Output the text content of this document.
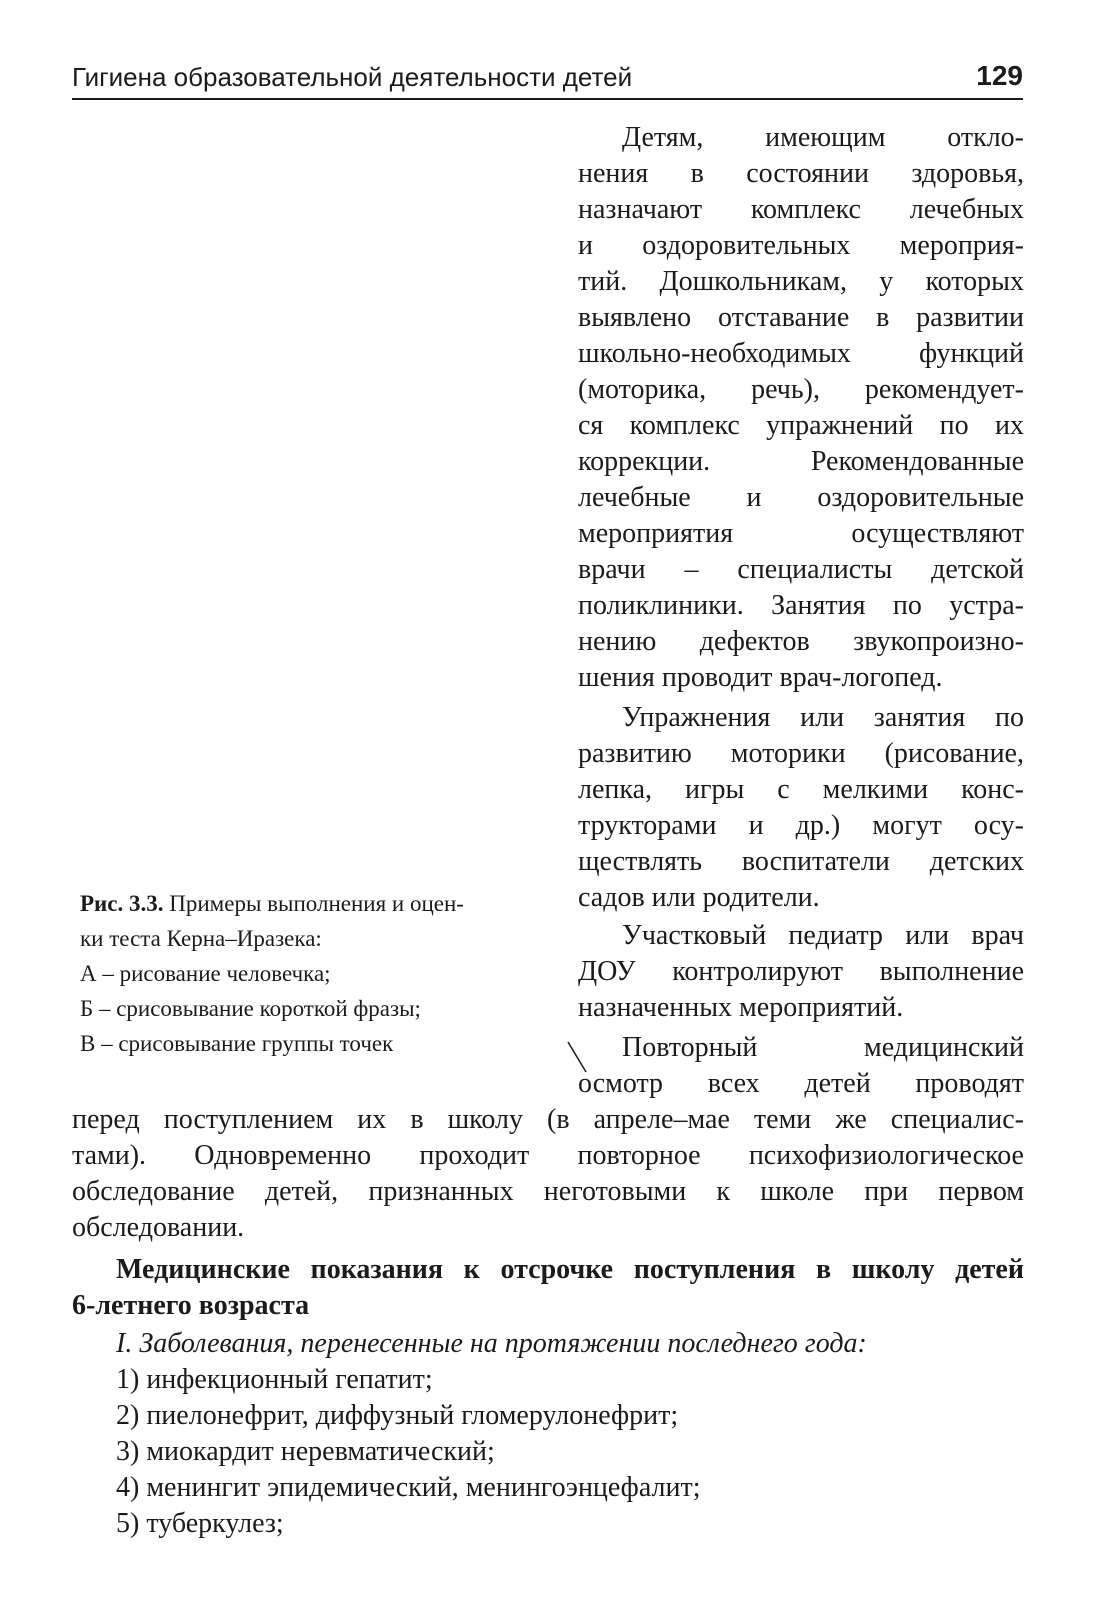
Гигиена образовательной деятельности детей	129
Детям, имеющим откло-
нения в состоянии здоровья,
назначают комплекс лечебных
и оздоровительных мероприя-
тий. Дошкольникам, у которых
выявлено отставание в развитии
школьно-необходимых функций
(моторика, речь), рекомендует-
ся комплекс упражнений по их
коррекции. Рекомендованные
лечебные и оздоровительные
мероприятия осуществляют
врачи – специалисты детской
поликлиники. Занятия по устра-
нению дефектов звукопроизно-
шения проводит врач-логопед.
Упражнения или занятия по
развитию моторики (рисование,
лепка, игры с мелкими конс-
трукторами и др.) могут осу-
ществлять воспитатели детских
садов или родители.
Участковый педиатр или врач
ДОУ контролируют выполнение
назначенных мероприятий.
Повторный медицинский
осмотр всех детей проводят
Рис. 3.3. Примеры выполнения и оцен-
ки теста Керна–Иразека:
А – рисование человечка;
Б – срисовывание короткой фразы;
В – срисовывание группы точек
перед поступлением их в школу (в апреле–мае теми же специалис-
тами). Одновременно проходит повторное психофизиологическое
обследование детей, признанных неготовыми к школе при первом
обследовании.
Медицинские показания к отсрочке поступления в школу детей
6-летнего возраста
I. Заболевания, перенесенные на протяжении последнего года:
1) инфекционный гепатит;
2) пиелонефрит, диффузный гломерулонефрит;
3) миокардит неревматический;
4) менингит эпидемический, менингоэнцефалит;
5) туберкулез;
